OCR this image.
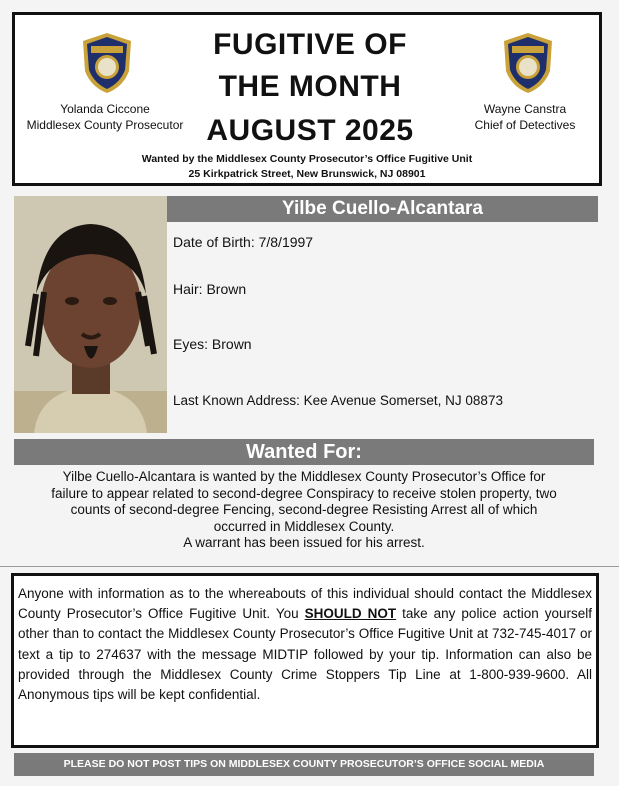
Yolanda Ciccone
Middlesex County Prosecutor
Wayne Canstra
Chief of Detectives
FUGITIVE OF
THE MONTH
AUGUST 2025
Wanted by the Middlesex County Prosecutor’s Office Fugitive Unit
25 Kirkpatrick Street, New Brunswick, NJ 08901
Yilbe Cuello-Alcantara
Date of Birth: 7/8/1997
Hair: Brown
Eyes: Brown
Last Known Address: Kee Avenue Somerset, NJ 08873
Wanted For:

Yilbe Cuello-Alcantara is wanted by the Middlesex County Prosecutor’s Office for

failure to appear related to second-degree Conspiracy to receive stolen property, two

counts of second-degree Fencing, second-degree Resisting Arrest all of which

occurred in Middlesex County.

A warrant has been issued for his arrest.

Anyone with information as to the whereabouts of this individual should contact the Middlesex County Prosecutor’s Office Fugitive Unit. You SHOULD NOT take any police action yourself other than to contact the Middlesex County Prosecutor’s Office Fugitive Unit at 732-745-4017 or text a tip to 274637 with the message MIDTIP followed by your tip. Information can also be provided through the Middlesex County Crime Stoppers Tip Line at 1-800-939-9600. All Anonymous tips will be kept confidential.

PLEASE DO NOT POST TIPS ON MIDDLESEX COUNTY PROSECUTOR’S OFFICE SOCIAL MEDIA
